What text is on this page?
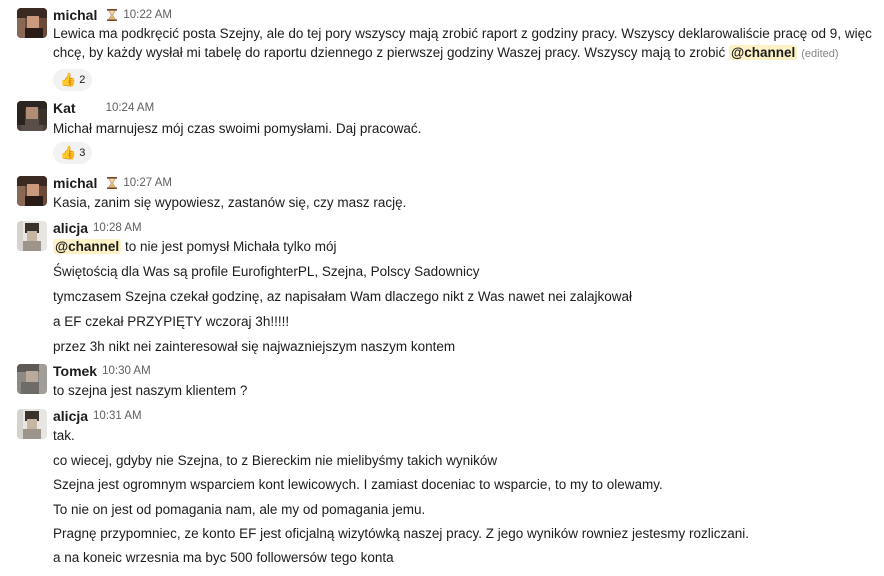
michal 10:22 AM
Lewica ma podkręcić posta Szejny, ale do tej pory wszyscy mają zrobić raport z godziny pracy. Wszyscy deklarowaliście pracę od 9, więc
chcę, by każdy wysłał mi tabelę do raportu dziennego z pierwszej godziny Waszej pracy. Wszyscy mają to zrobić @channel (edited)
👍 2
Kat	10:24 AM
Michał marnujesz mój czas swoimi pomysłami. Daj pracować.
👍 3
michal 10:27 AM
Kasia, zanim się wypowiesz, zastanów się, czy masz rację.
alicja 10:28 AM
@channel to nie jest pomysł Michała tylko mój
Świętością dla Was są profile EurofighterPL, Szejna, Polscy Sadownicy
tymczasem Szejna czekał godzinę, az napisałam Wam dlaczego nikt z Was nawet nei zalajkował
a EF czekał PRZYPIĘTY wczoraj 3h!!!!!
przez 3h nikt nei zainteresował się najwazniejszym naszym kontem
Tomek 10:30 AM
to szejna jest naszym klientem ?
alicja 10:31 AM
tak.
co wiecej, gdyby nie Szejna, to z Biereckim nie mielibyśmy takich wyników
Szejna jest ogromnym wsparciem kont lewicowych. I zamiast doceniac to wsparcie, to my to olewamy.
To nie on jest od pomagania nam, ale my od pomagania jemu.
Pragnę przypomniec, ze konto EF jest oficjalną wizytówką naszej pracy. Z jego wyników rowniez jestesmy rozliczani.
a na koneic wrzesnia ma byc 500 followersów tego konta
